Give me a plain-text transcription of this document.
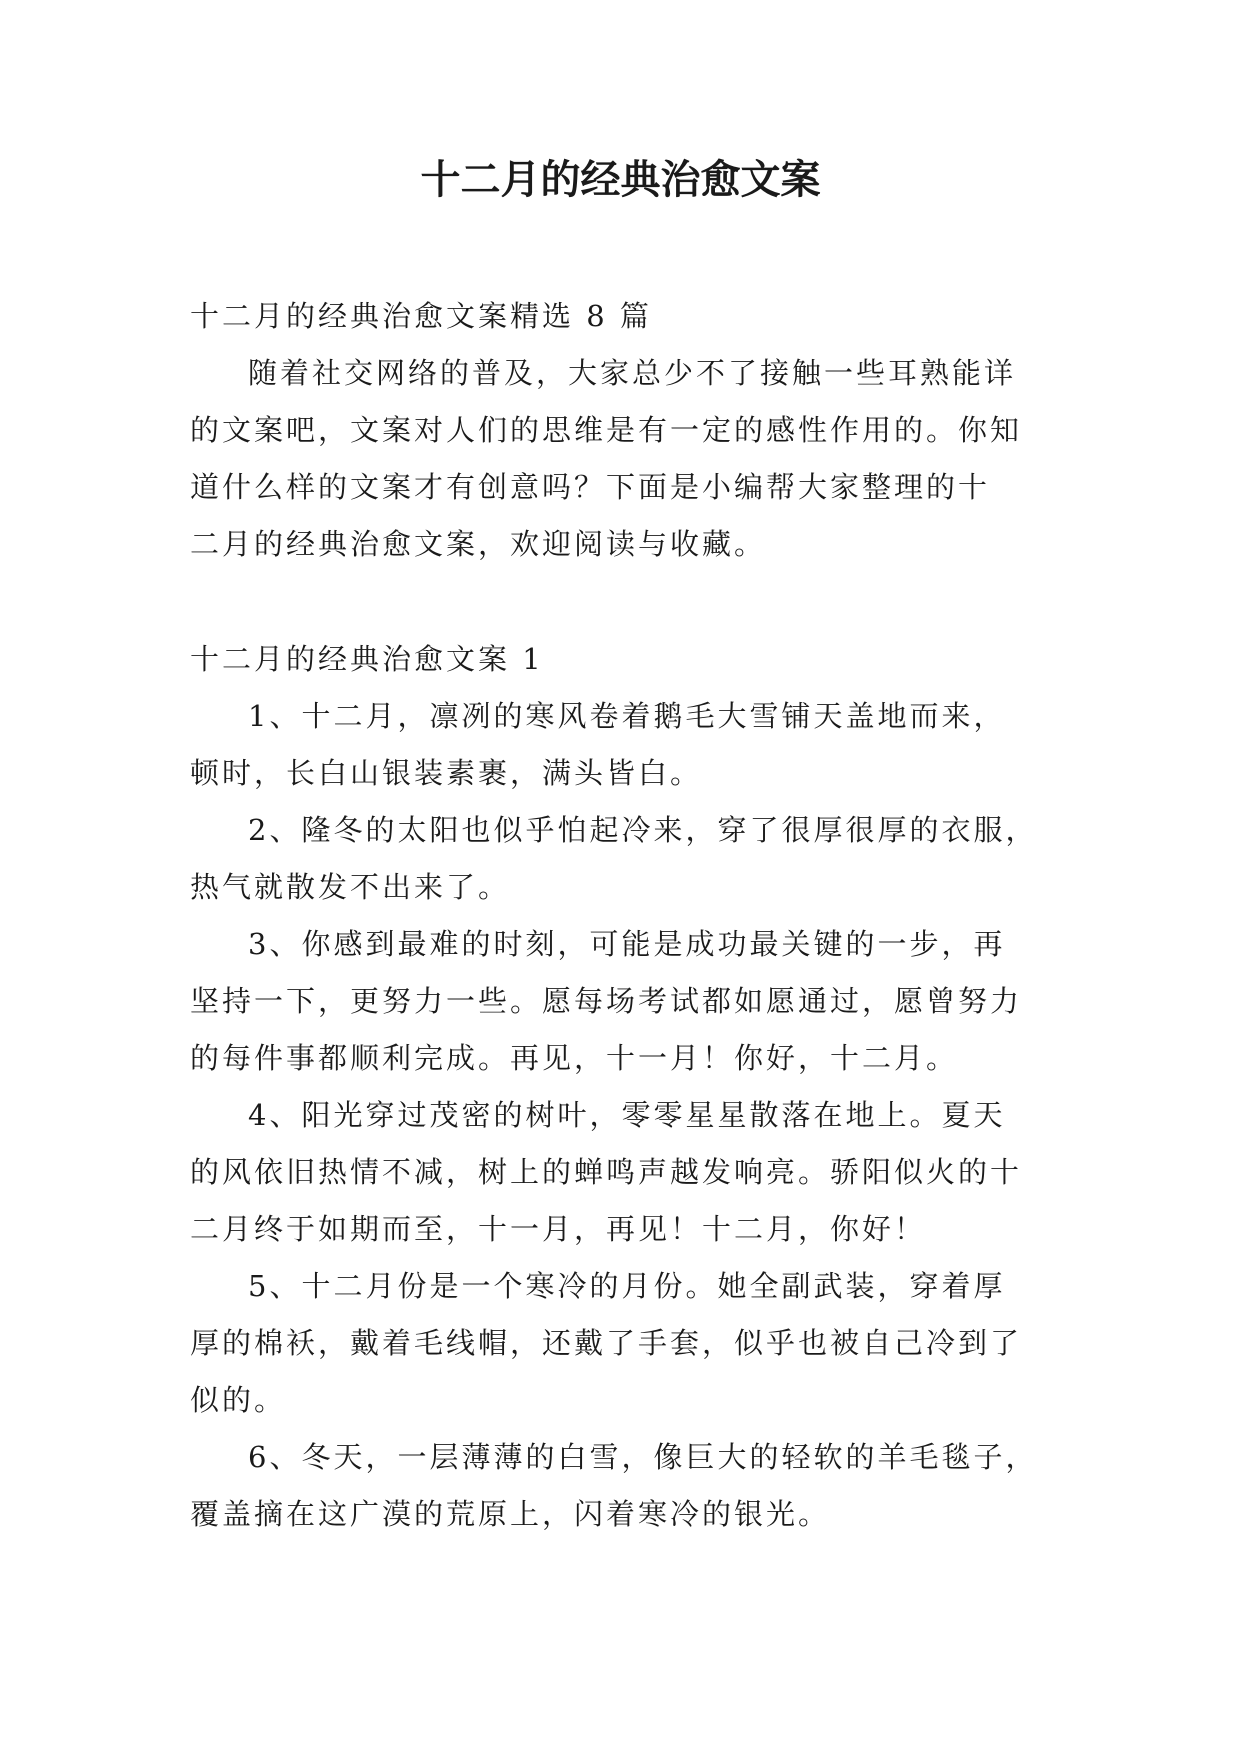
十二月的经典治愈文案

十二月的经典治愈文案精选 8 篇

随着社交网络的普及，大家总少不了接触一些耳熟能详

的文案吧，文案对人们的思维是有一定的感性作用的。你知

道什么样的文案才有创意吗？下面是小编帮大家整理的十

二月的经典治愈文案，欢迎阅读与收藏。

十二月的经典治愈文案 1

1、十二月，凛冽的寒风卷着鹅毛大雪铺天盖地而来，

顿时，长白山银装素裹，满头皆白。

2、隆冬的太阳也似乎怕起冷来，穿了很厚很厚的衣服，

热气就散发不出来了。

3、你感到最难的时刻，可能是成功最关键的一步，再

坚持一下，更努力一些。愿每场考试都如愿通过，愿曾努力

的每件事都顺利完成。再见，十一月！你好，十二月。

4、阳光穿过茂密的树叶，零零星星散落在地上。夏天

的风依旧热情不减，树上的蝉鸣声越发响亮。骄阳似火的十

二月终于如期而至，十一月，再见！十二月，你好！

5、十二月份是一个寒冷的月份。她全副武装，穿着厚

厚的棉袄，戴着毛线帽，还戴了手套，似乎也被自己冷到了

似的。

6、冬天，一层薄薄的白雪，像巨大的轻软的羊毛毯子，

覆盖摘在这广漠的荒原上，闪着寒冷的银光。
